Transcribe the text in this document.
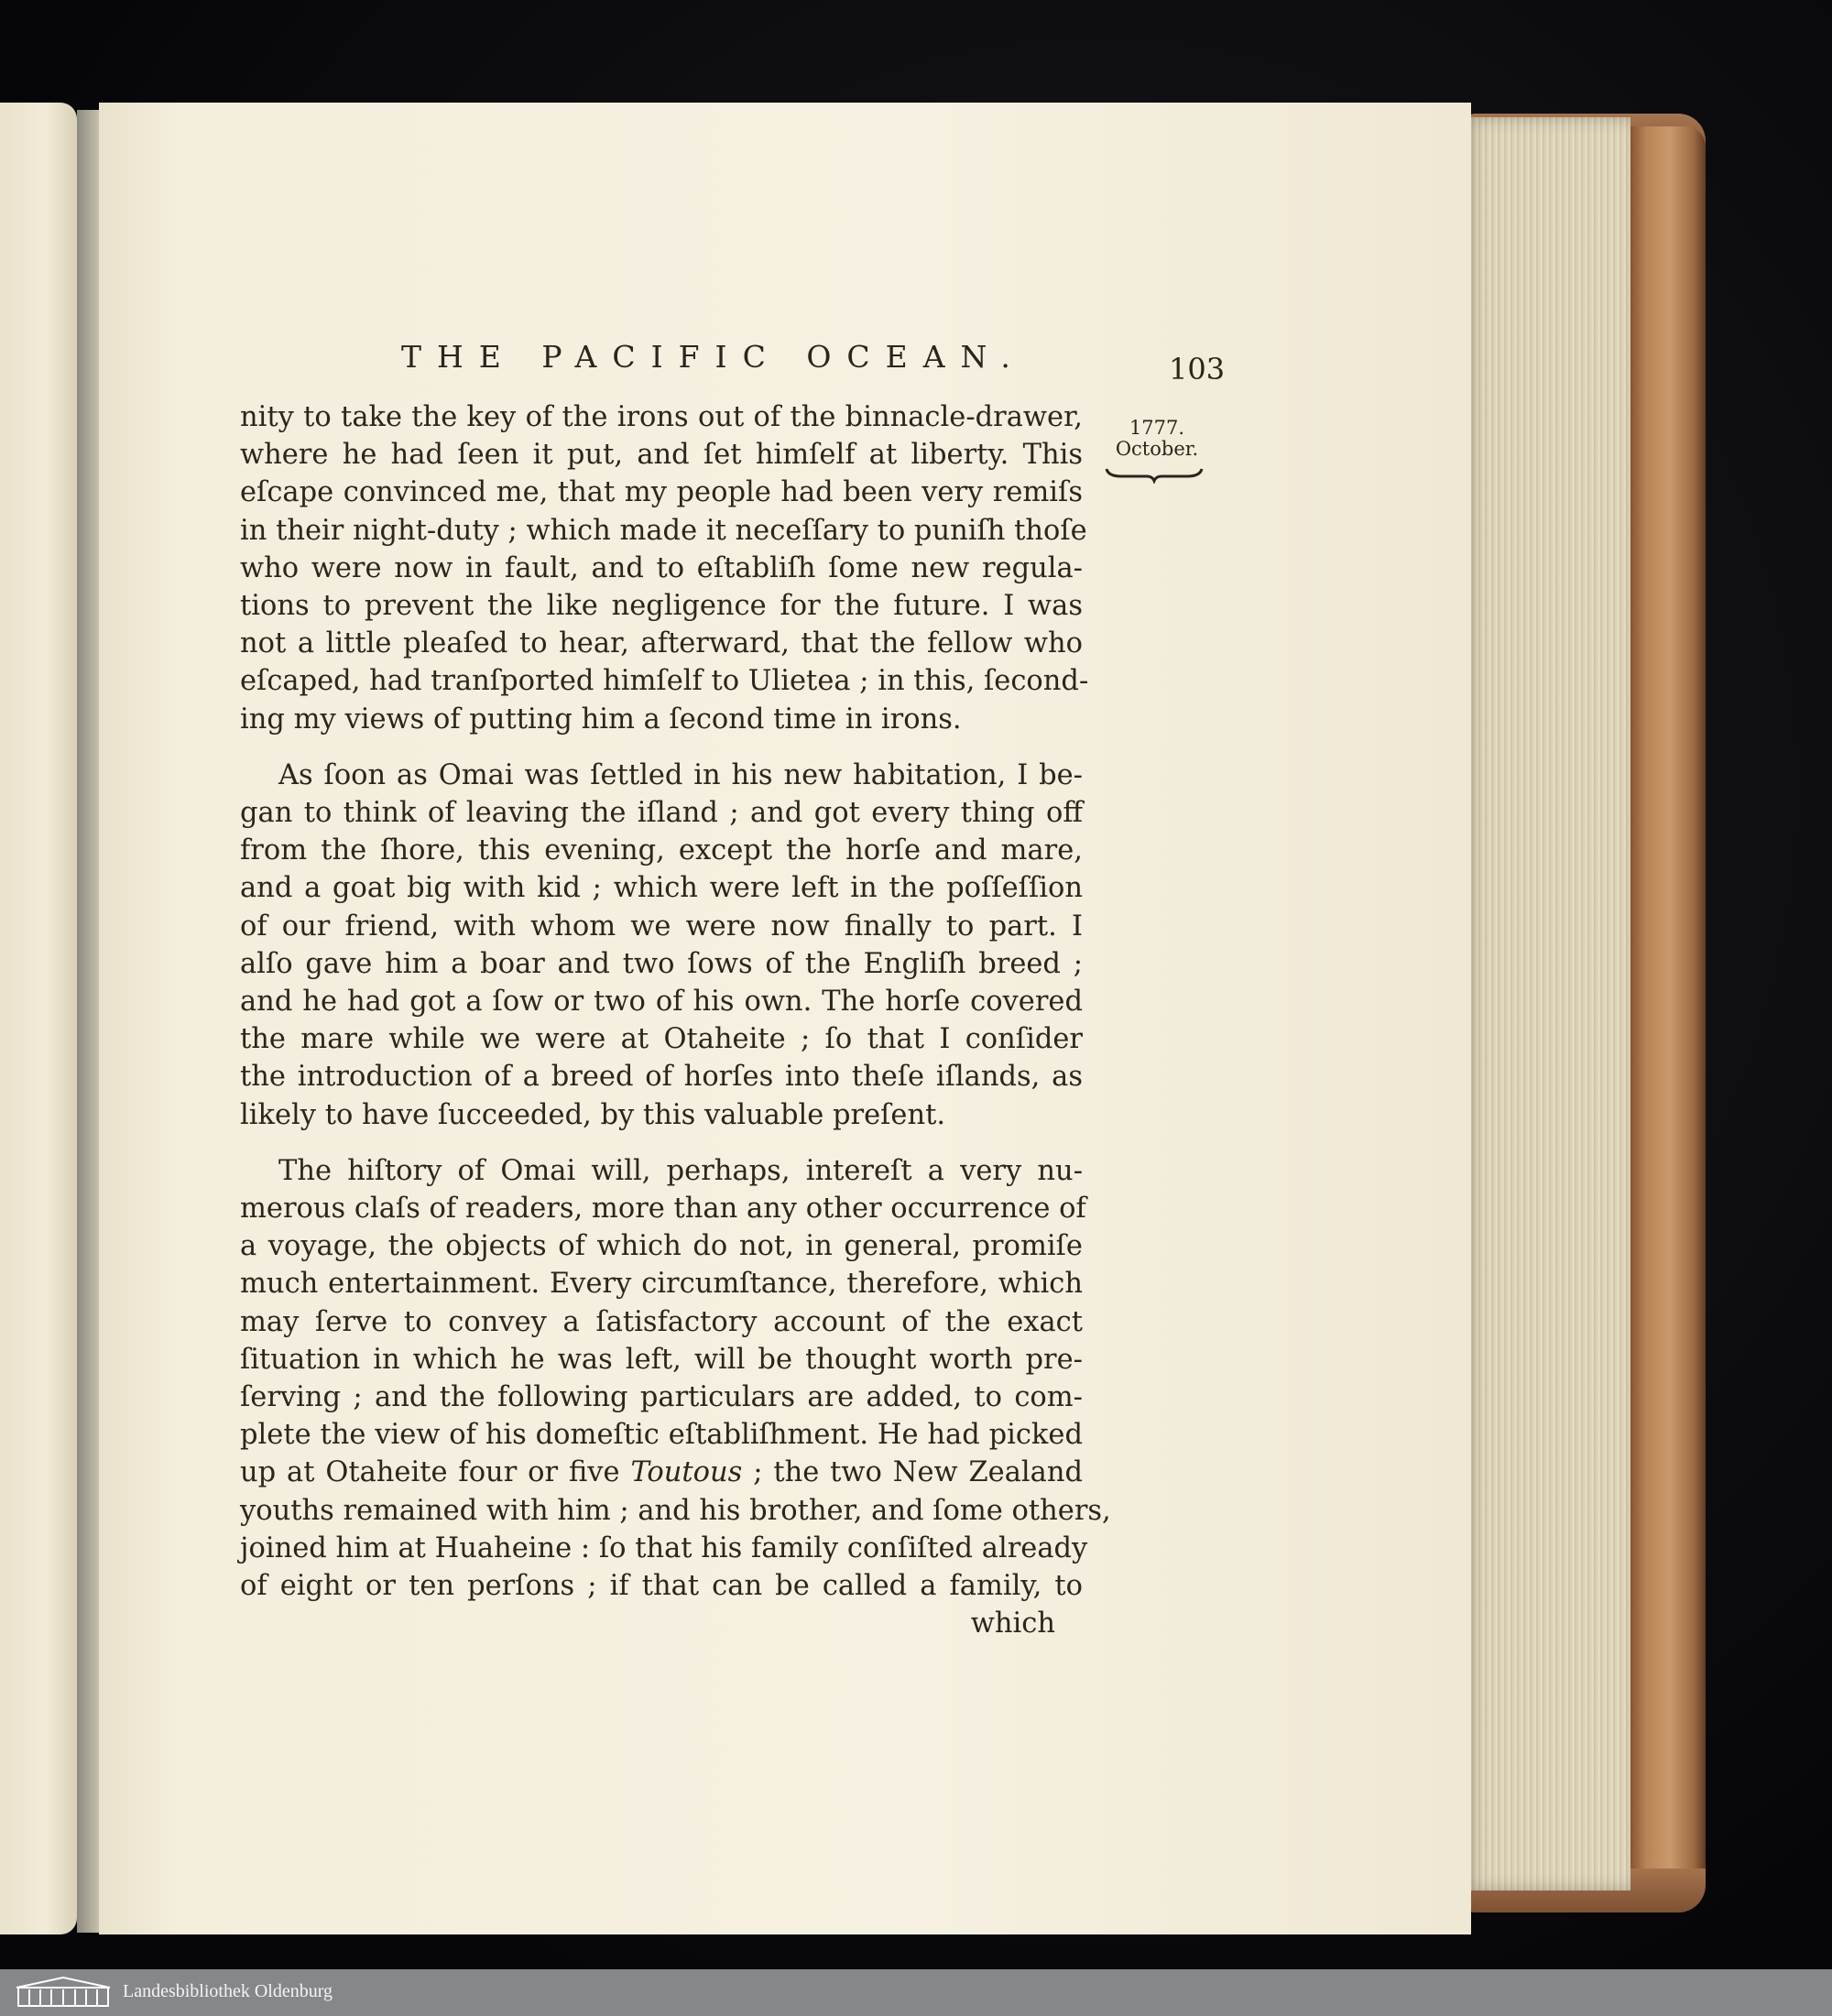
THE PACIFIC OCEAN.	103
1777.
October.
nity to take the key of the irons out of the binnacle-drawer,
where he had ſeen it put, and ſet himſelf at liberty. This
eſcape convinced me, that my people had been very remiſs
in their night-duty ; which made it neceſſary to puniſh thoſe
who were now in fault, and to eſtabliſh ſome new regula-
tions to prevent the like negligence for the future. I was
not a little pleaſed to hear, afterward, that the fellow who
eſcaped, had tranſported himſelf to Ulietea ; in this, ſecond-
ing my views of putting him a ſecond time in irons.
As ſoon as Omai was ſettled in his new habitation, I be-
gan to think of leaving the iſland ; and got every thing off
from the ſhore, this evening, except the horſe and mare,
and a goat big with kid ; which were left in the poſſeſſion
of our friend, with whom we were now finally to part. I
alſo gave him a boar and two ſows of the Engliſh breed ;
and he had got a ſow or two of his own. The horſe covered
the mare while we were at Otaheite ; ſo that I conſider
the introduction of a breed of horſes into theſe iſlands, as
likely to have ſucceeded, by this valuable preſent.
The hiſtory of Omai will, perhaps, intereſt a very nu-
merous claſs of readers, more than any other occurrence of
a voyage, the objects of which do not, in general, promiſe
much entertainment. Every circumſtance, therefore, which
may ſerve to convey a ſatisfactory account of the exact
ſituation in which he was left, will be thought worth pre-
ſerving ; and the following particulars are added, to com-
plete the view of his domeſtic eſtabliſhment. He had picked
up at Otaheite four or five Toutous ; the two New Zealand
youths remained with him ; and his brother, and ſome others,
joined him at Huaheine : ſo that his family conſiſted already
of eight or ten perſons ; if that can be called a family, to
which
Landesbibliothek Oldenburg
